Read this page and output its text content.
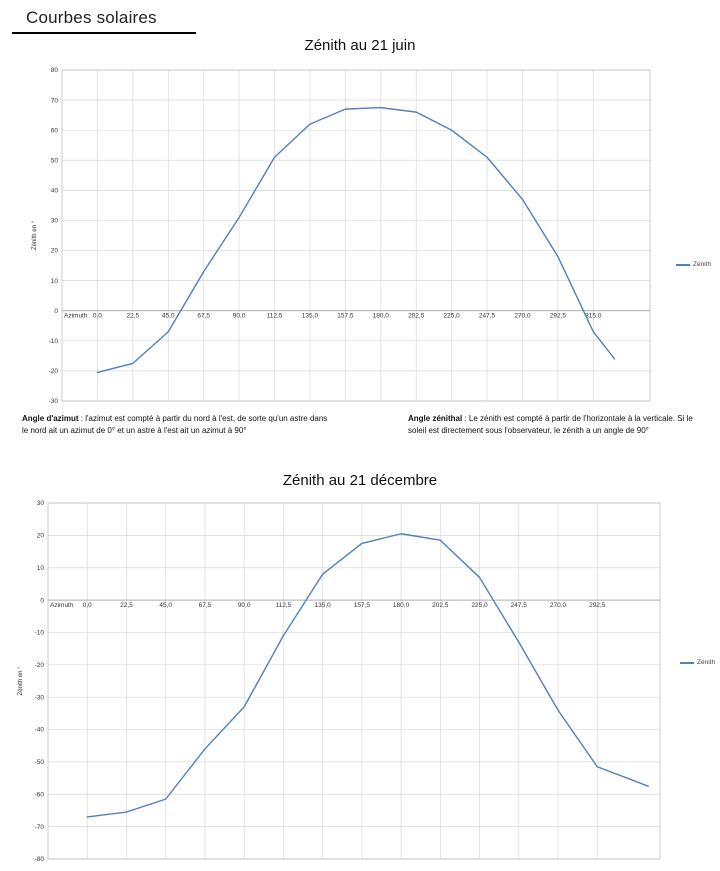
Courbes solaires
Zénith au 21 juin
-30
-20
-10
0
10
20
30
40
50
60
70
80
Azimuth 0,0	22,5	45,0	67,5	90,0	112,5	135,0	157,5	180,0	202,5	225,0	247,5	270,0	292,5	315,0
Zénith en °
Zénith
Angle d'azimut : l'azimut est compté à partir du nord à l'est, de sorte qu'un astre dans le nord ait un azimut de 0° et un astre à l'est ait un azimut à 90°
Angle zénithal : Le zénith est compté à partir de l'horizontale à la verticale. Si le soleil est directement sous l'observateur, le zénith a un angle de 90°
Zénith au 21 décembre
-80
-70
-60
-50
-40
-30
-20
-10
0
10
20
30
Azimuth 0,0	22,5	45,0	67,5	90,0	112,5	135,0	157,5	180,0	202,5	225,0	247,5	270,0	292,5
Zénith en °
Zénith
